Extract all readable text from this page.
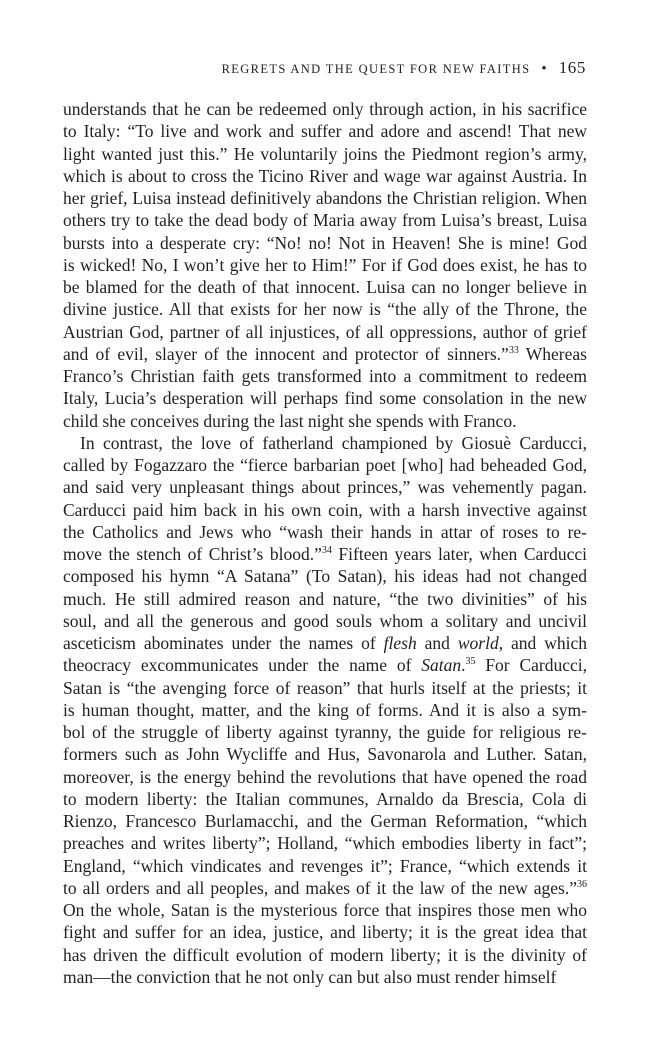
REGRETS AND THE QUEST FOR NEW FAITHS • 165
understands that he can be redeemed only through action, in his sacrifice
to Italy: “To live and work and suffer and adore and ascend! That new
light wanted just this.” He voluntarily joins the Piedmont region’s army,
which is about to cross the Ticino River and wage war against Austria. In
her grief, Luisa instead definitively abandons the Christian religion. When
others try to take the dead body of Maria away from Luisa’s breast, Luisa
bursts into a desperate cry: “No! no! Not in Heaven! She is mine! God
is wicked! No, I won’t give her to Him!” For if God does exist, he has to
be blamed for the death of that innocent. Luisa can no longer believe in
divine justice. All that exists for her now is “the ally of the Throne, the
Austrian God, partner of all injustices, of all oppressions, author of grief
and of evil, slayer of the innocent and protector of sinners.”$^{33}$ Whereas
Franco’s Christian faith gets transformed into a commitment to redeem
Italy, Lucia’s desperation will perhaps find some consolation in the new
child she conceives during the last night she spends with Franco.
In contrast, the love of fatherland championed by Giosuè Carducci,
called by Fogazzaro the “fierce barbarian poet [who] had beheaded God,
and said very unpleasant things about princes,” was vehemently pagan.
Carducci paid him back in his own coin, with a harsh invective against
the Catholics and Jews who “wash their hands in attar of roses to re-
move the stench of Christ’s blood.”$^{34}$ Fifteen years later, when Carducci
composed his hymn “A Satana” (To Satan), his ideas had not changed
much. He still admired reason and nature, “the two divinities” of his
soul, and all the generous and good souls whom a solitary and uncivil
asceticism abominates under the names of flesh and world, and which
theocracy excommunicates under the name of Satan.$^{35}$ For Carducci,
Satan is “the avenging force of reason” that hurls itself at the priests; it
is human thought, matter, and the king of forms. And it is also a sym-
bol of the struggle of liberty against tyranny, the guide for religious re-
formers such as John Wycliffe and Hus, Savonarola and Luther. Satan,
moreover, is the energy behind the revolutions that have opened the road
to modern liberty: the Italian communes, Arnaldo da Brescia, Cola di
Rienzo, Francesco Burlamacchi, and the German Reformation, “which
preaches and writes liberty”; Holland, “which embodies liberty in fact”;
England, “which vindicates and revenges it”; France, “which extends it
to all orders and all peoples, and makes of it the law of the new ages.”$^{36}$
On the whole, Satan is the mysterious force that inspires those men who
fight and suffer for an idea, justice, and liberty; it is the great idea that
has driven the difficult evolution of modern liberty; it is the divinity of
man—the conviction that he not only can but also must render himself
